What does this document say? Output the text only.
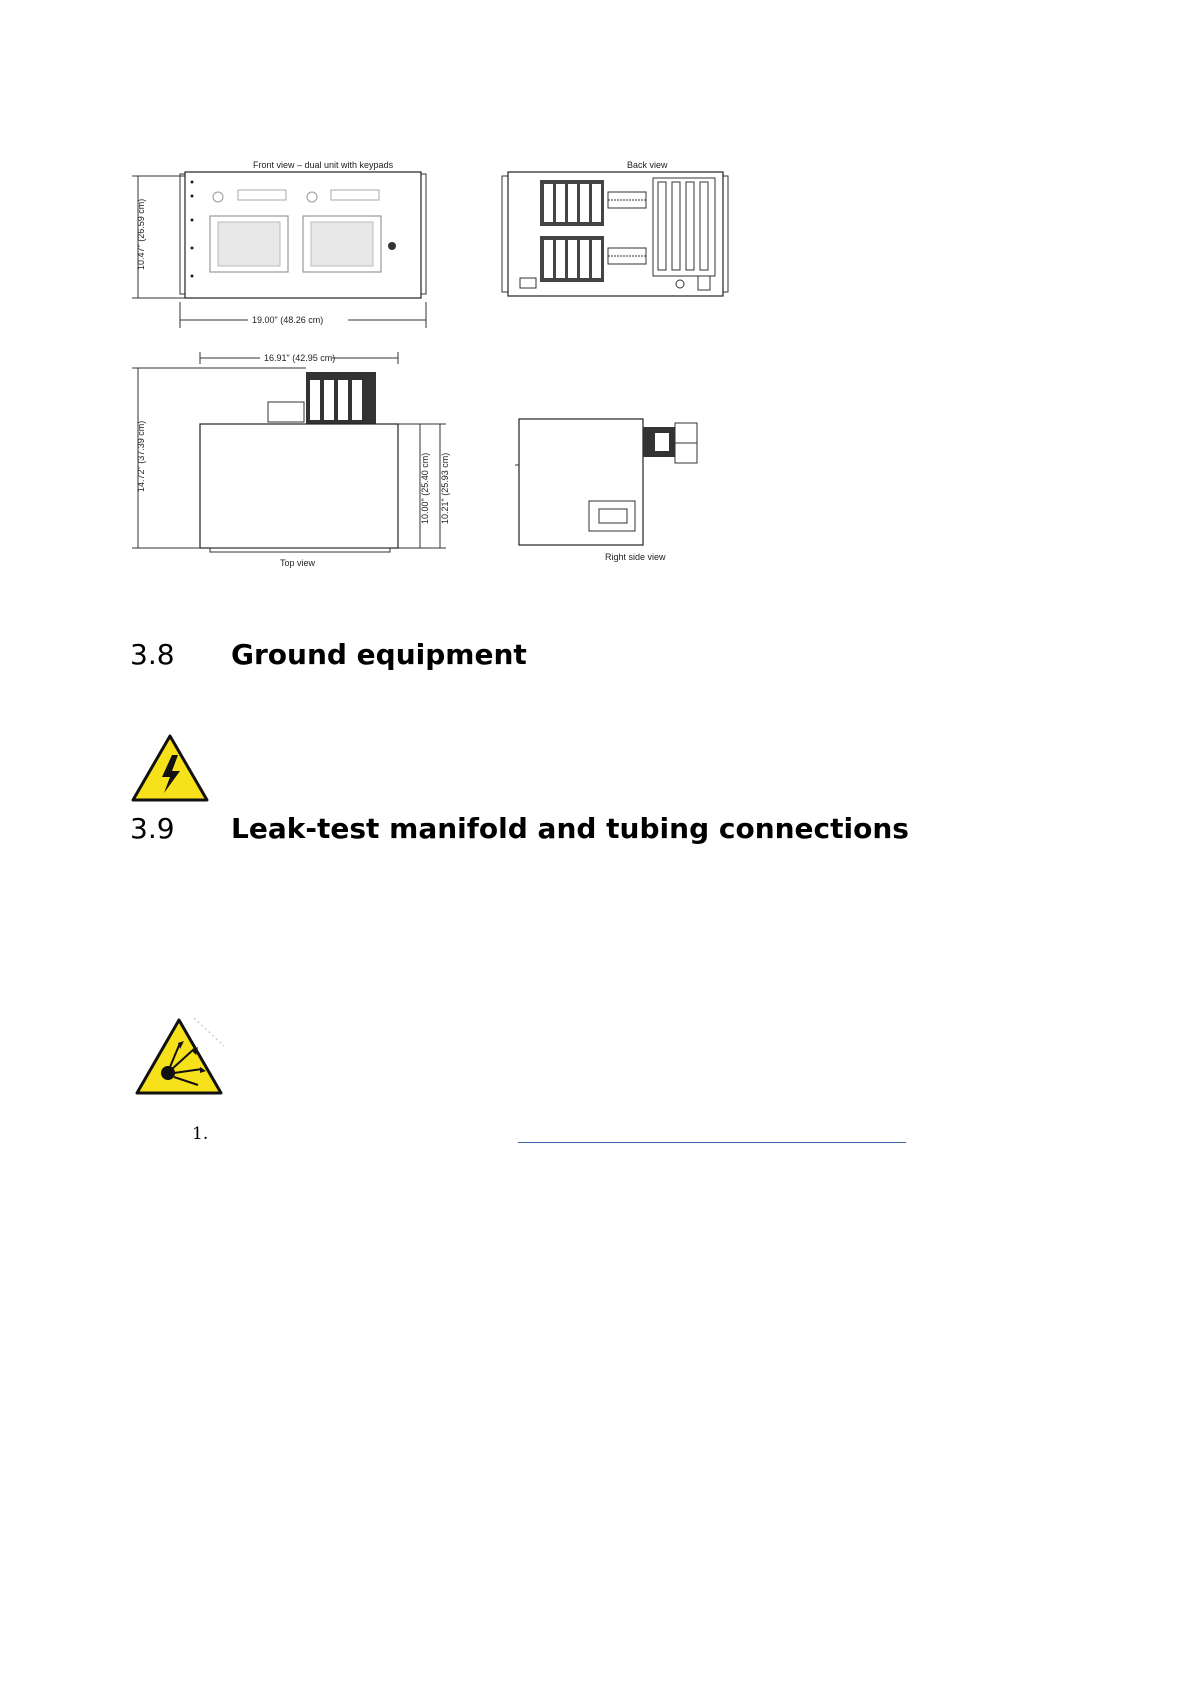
Front view – dual unit with keypads
10.47" (26.59 cm)
19.00" (48.26 cm)
Back view
16.91" (42.95 cm)
14.72" (37.39 cm)	10.00" (25.40 cm) 10.21" (25.93 cm)
Top view
Right side view
3.8 Ground equipment
3.9 Leak-test manifold and tubing connections
1.
